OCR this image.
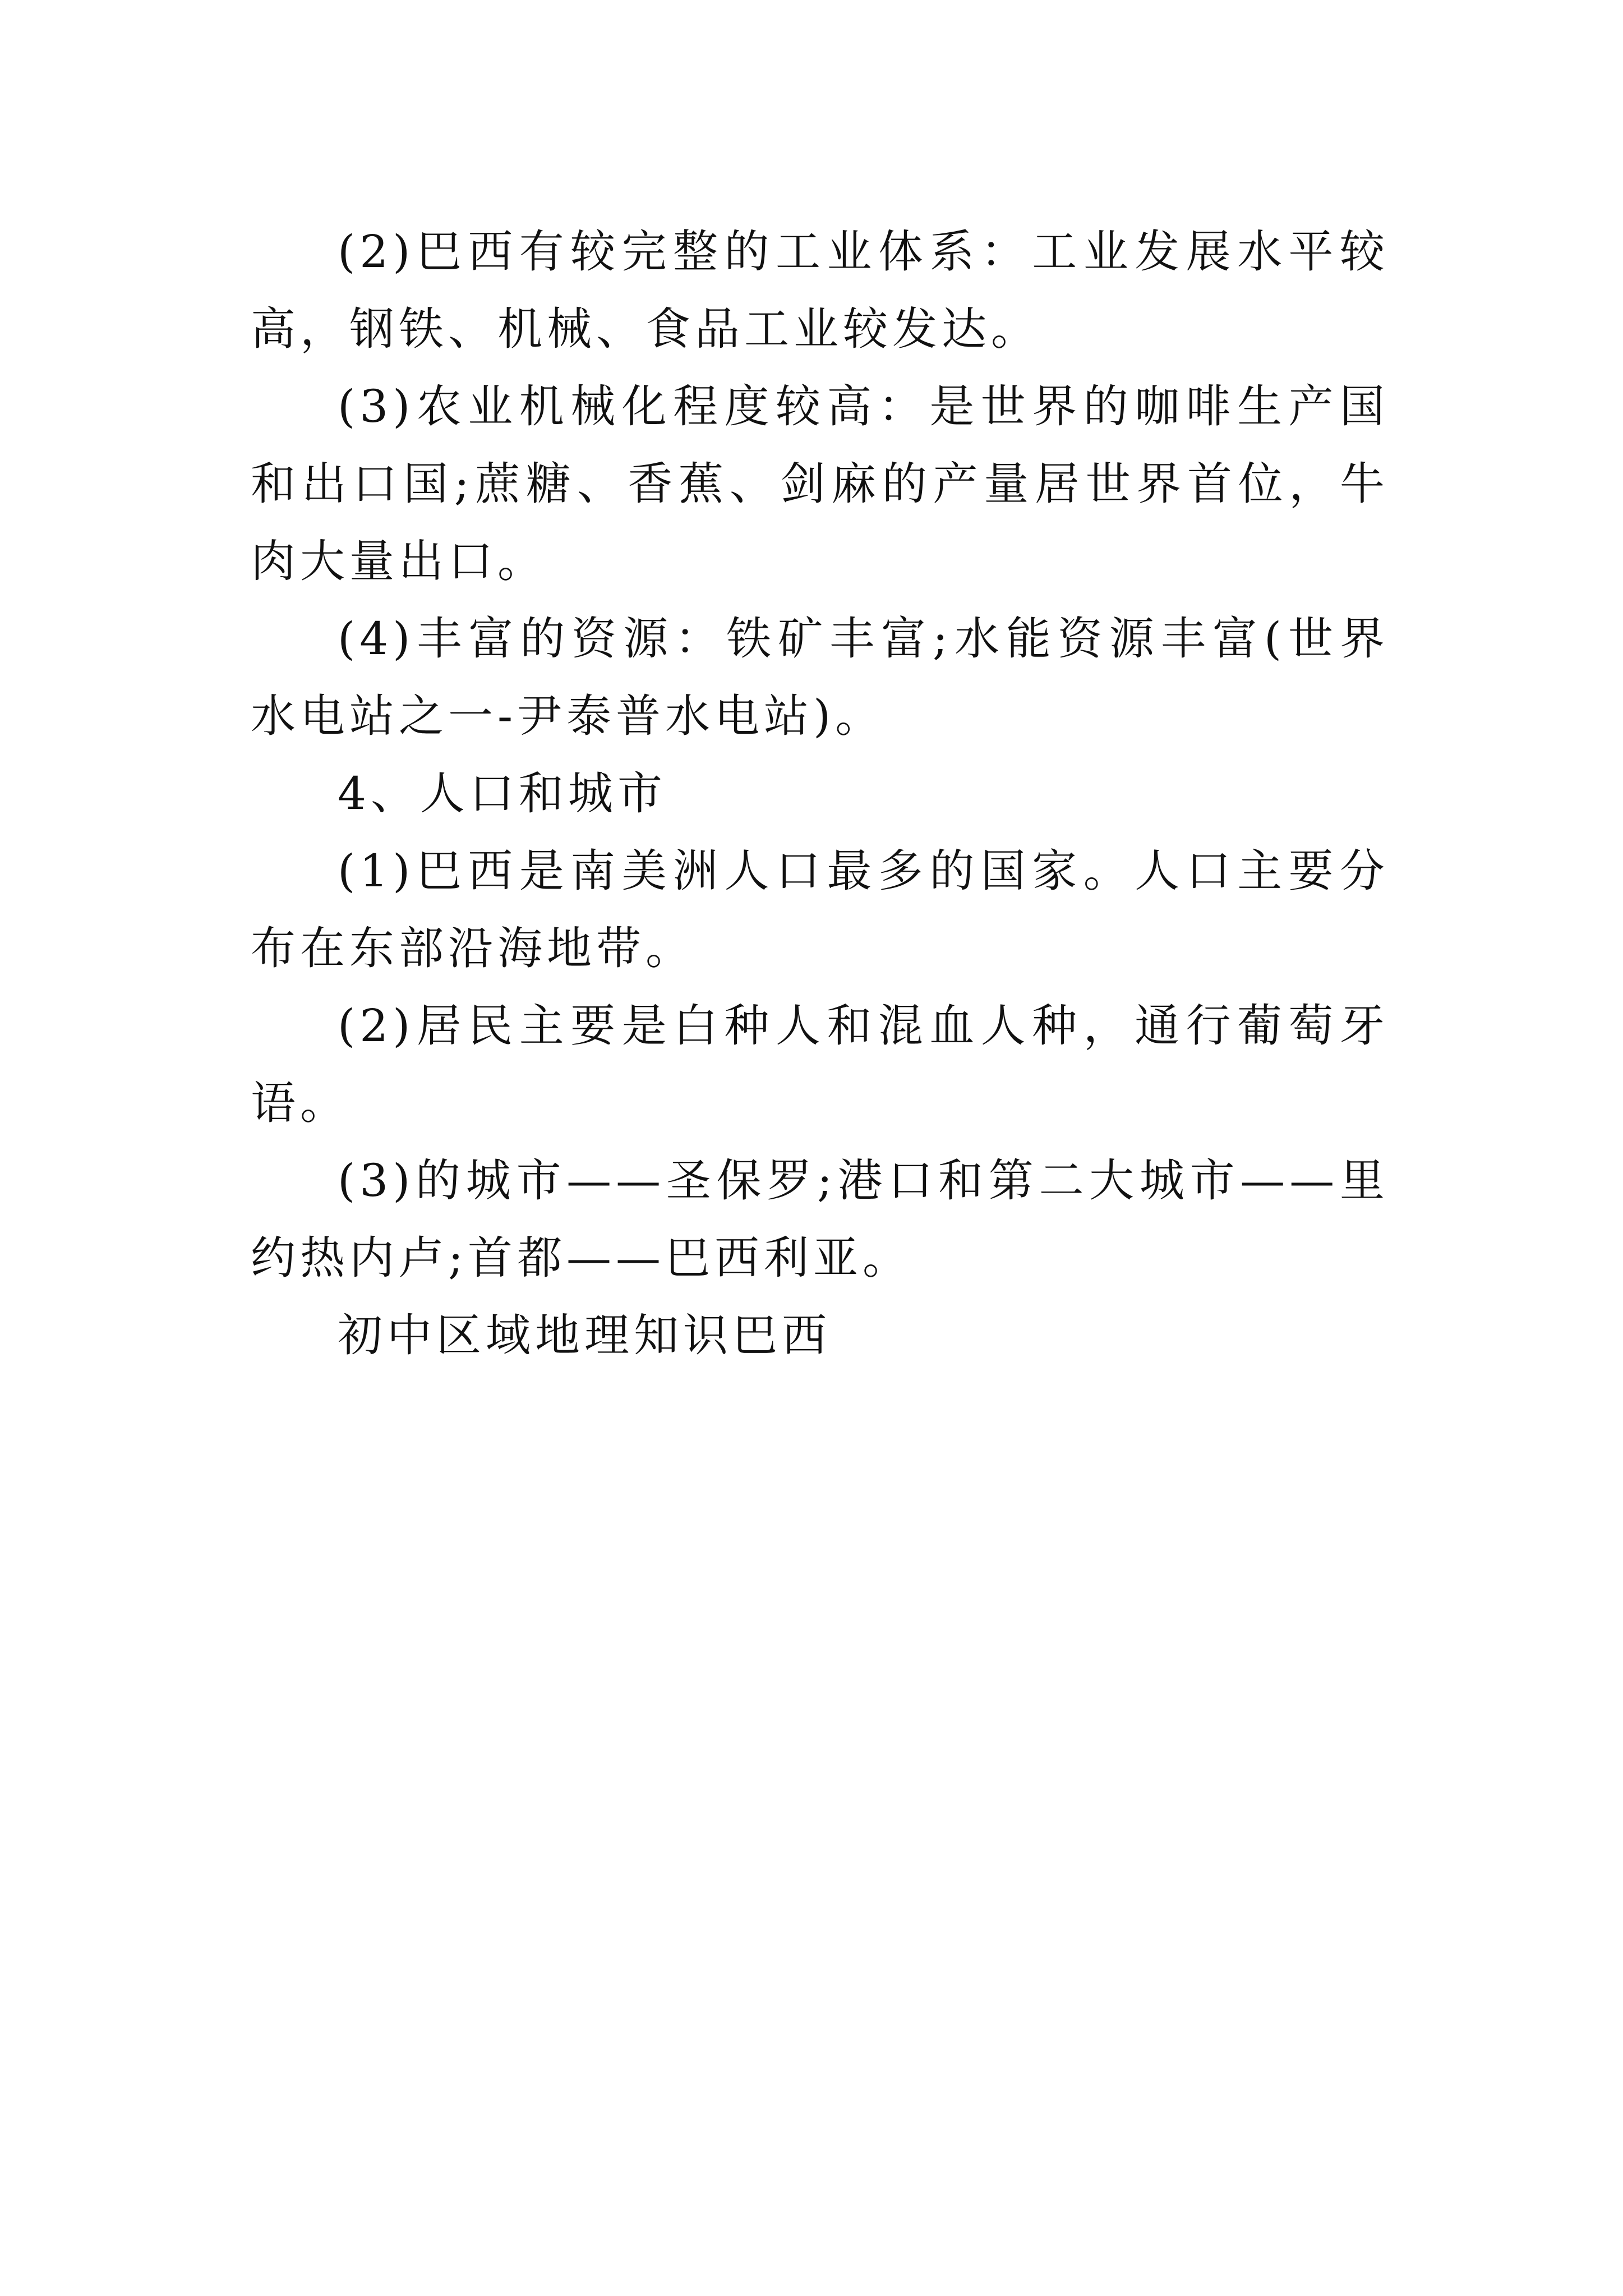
(2)巴西有较完整的工业体系：工业发展水平较高，钢铁、机械、食品工业较发达。

(3)农业机械化程度较高：是世界的咖啡生产国和出口国;蔗糖、香蕉、剑麻的产量居世界首位，牛肉大量出口。

(4)丰富的资源：铁矿丰富;水能资源丰富(世界水电站之一-尹泰普水电站)。

4、人口和城市

(1)巴西是南美洲人口最多的国家。人口主要分布在东部沿海地带。

(2)居民主要是白种人和混血人种，通行葡萄牙语。

(3)的城市——圣保罗;港口和第二大城市——里约热内卢;首都——巴西利亚。

初中区域地理知识巴西
